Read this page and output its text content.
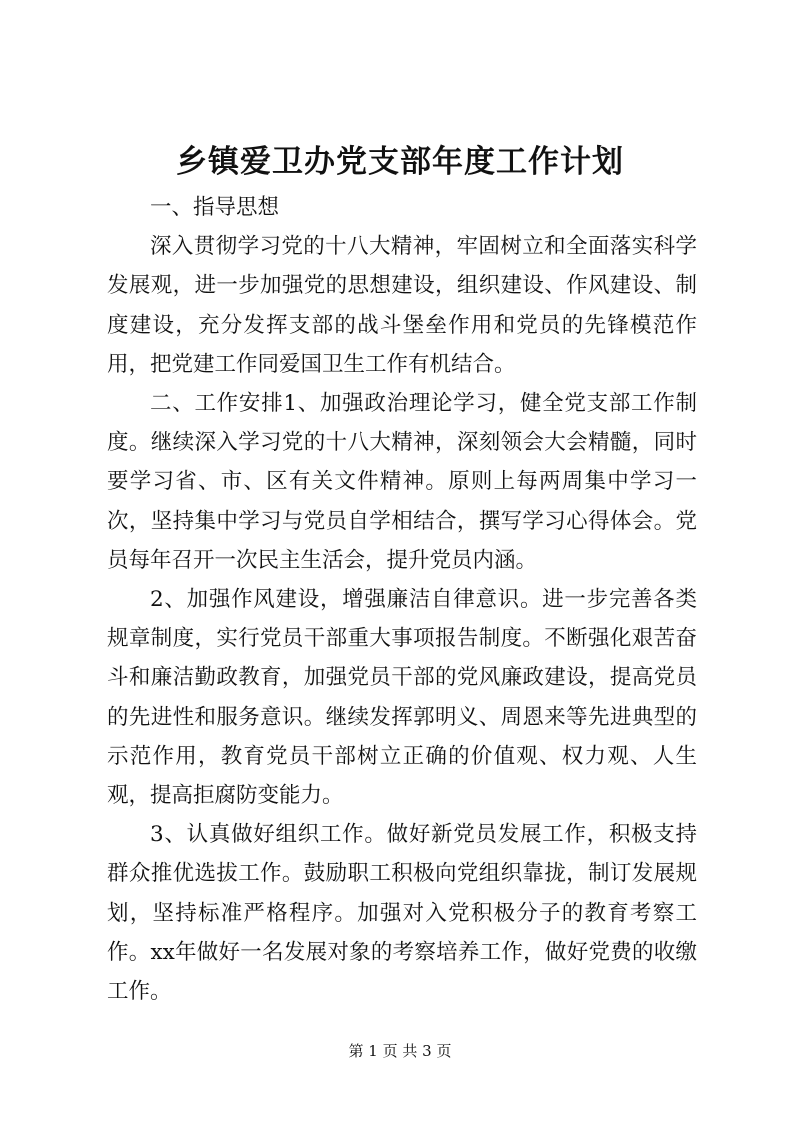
乡镇爱卫办党支部年度工作计划

一、指导思想

深入贯彻学习党的十八大精神，牢固树立和全面落实科学发展观，进一步加强党的思想建设，组织建设、作风建设、制度建设，充分发挥支部的战斗堡垒作用和党员的先锋模范作用，把党建工作同爱国卫生工作有机结合。

二、工作安排1、加强政治理论学习，健全党支部工作制度。继续深入学习党的十八大精神，深刻领会大会精髓，同时要学习省、市、区有关文件精神。原则上每两周集中学习一次，坚持集中学习与党员自学相结合，撰写学习心得体会。党员每年召开一次民主生活会，提升党员内涵。

2、加强作风建设，增强廉洁自律意识。进一步完善各类规章制度，实行党员干部重大事项报告制度。不断强化艰苦奋斗和廉洁勤政教育，加强党员干部的党风廉政建设，提高党员的先进性和服务意识。继续发挥郭明义、周恩来等先进典型的示范作用，教育党员干部树立正确的价值观、权力观、人生观，提高拒腐防变能力。

3、认真做好组织工作。做好新党员发展工作，积极支持群众推优选拔工作。鼓励职工积极向党组织靠拢，制订发展规划，坚持标准严格程序。加强对入党积极分子的教育考察工作。xx年做好一名发展对象的考察培养工作，做好党费的收缴工作。

第 1 页 共 3 页
